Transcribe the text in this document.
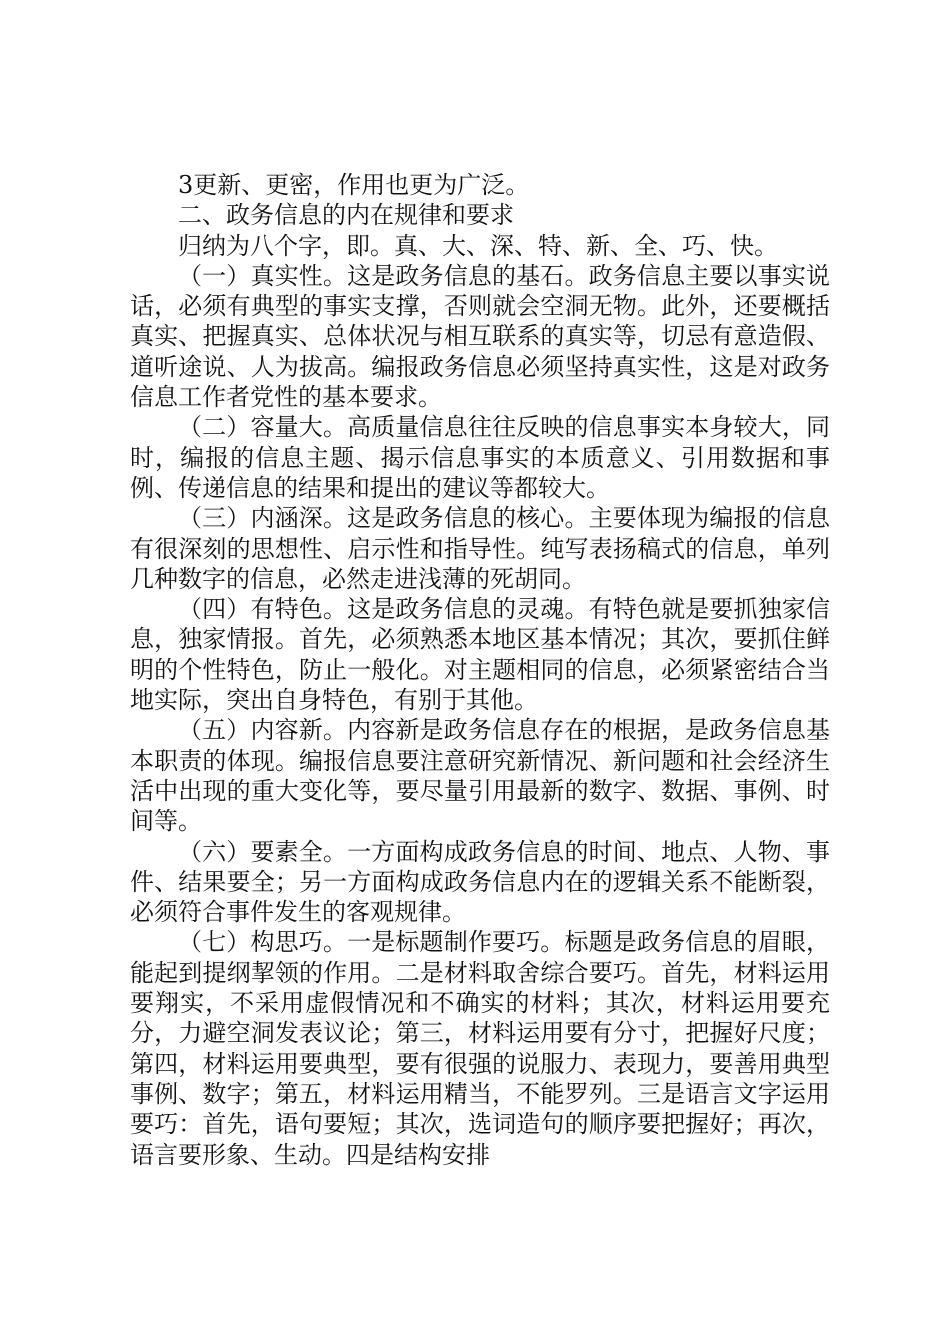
3更新、更密，作用也更为广泛。

二、政务信息的内在规律和要求

归纳为八个字，即。真、大、深、特、新、全、巧、快。

（一）真实性。这是政务信息的基石。政务信息主要以事实说话，必须有典型的事实支撑，否则就会空洞无物。此外，还要概括真实、把握真实、总体状况与相互联系的真实等，切忌有意造假、道听途说、人为拔高。编报政务信息必须坚持真实性，这是对政务信息工作者党性的基本要求。

（二）容量大。高质量信息往往反映的信息事实本身较大，同时，编报的信息主题、揭示信息事实的本质意义、引用数据和事例、传递信息的结果和提出的建议等都较大。

（三）内涵深。这是政务信息的核心。主要体现为编报的信息有很深刻的思想性、启示性和指导性。纯写表扬稿式的信息，单列几种数字的信息，必然走进浅薄的死胡同。

（四）有特色。这是政务信息的灵魂。有特色就是要抓独家信息，独家情报。首先，必须熟悉本地区基本情况；其次，要抓住鲜明的个性特色，防止一般化。对主题相同的信息，必须紧密结合当地实际，突出自身特色，有别于其他。

（五）内容新。内容新是政务信息存在的根据，是政务信息基本职责的体现。编报信息要注意研究新情况、新问题和社会经济生活中出现的重大变化等，要尽量引用最新的数字、数据、事例、时间等。

（六）要素全。一方面构成政务信息的时间、地点、人物、事件、结果要全；另一方面构成政务信息内在的逻辑关系不能断裂，必须符合事件发生的客观规律。

（七）构思巧。一是标题制作要巧。标题是政务信息的眉眼，能起到提纲挈领的作用。二是材料取舍综合要巧。首先，材料运用要翔实，不采用虚假情况和不确实的材料；其次，材料运用要充分，力避空洞发表议论；第三，材料运用要有分寸，把握好尺度；第四，材料运用要典型，要有很强的说服力、表现力，要善用典型事例、数字；第五，材料运用精当，不能罗列。三是语言文字运用要巧：首先，语句要短；其次，选词造句的顺序要把握好；再次，语言要形象、生动。四是结构安排
